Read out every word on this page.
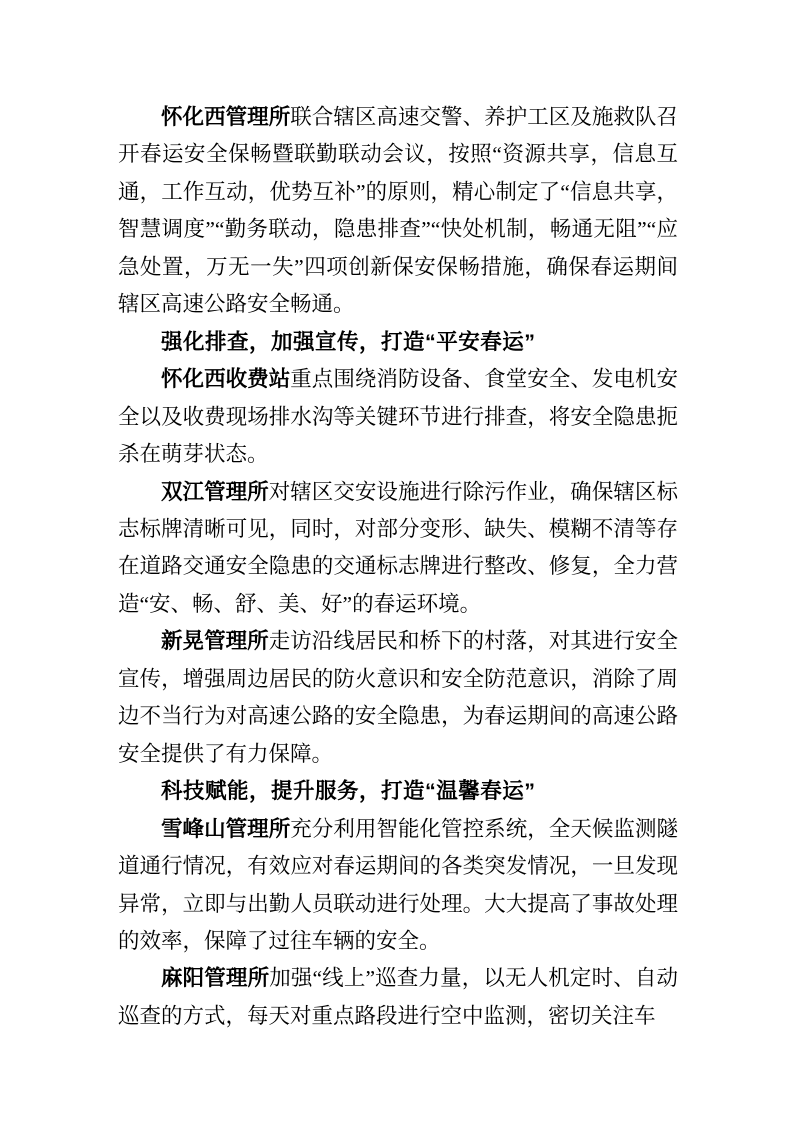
怀化西管理所联合辖区高速交警、养护工区及施救队召开春运安全保畅暨联勤联动会议，按照“资源共享，信息互通，工作互动，优势互补”的原则，精心制定了“信息共享，智慧调度”“勤务联动，隐患排查”“快处机制，畅通无阻”“应急处置，万无一失”四项创新保安保畅措施，确保春运期间辖区高速公路安全畅通。

强化排查，加强宣传，打造“平安春运”

怀化西收费站重点围绕消防设备、食堂安全、发电机安全以及收费现场排水沟等关键环节进行排查，将安全隐患扼杀在萌芽状态。

双江管理所对辖区交安设施进行除污作业，确保辖区标志标牌清晰可见，同时，对部分变形、缺失、模糊不清等存在道路交通安全隐患的交通标志牌进行整改、修复，全力营造“安、畅、舒、美、好”的春运环境。

新晃管理所走访沿线居民和桥下的村落，对其进行安全宣传，增强周边居民的防火意识和安全防范意识，消除了周边不当行为对高速公路的安全隐患，为春运期间的高速公路安全提供了有力保障。

科技赋能，提升服务，打造“温馨春运”

雪峰山管理所充分利用智能化管控系统，全天候监测隧道通行情况，有效应对春运期间的各类突发情况，一旦发现异常，立即与出勤人员联动进行处理。大大提高了事故处理的效率，保障了过往车辆的安全。

麻阳管理所加强“线上”巡查力量，以无人机定时、自动巡查的方式，每天对重点路段进行空中监测，密切关注车
